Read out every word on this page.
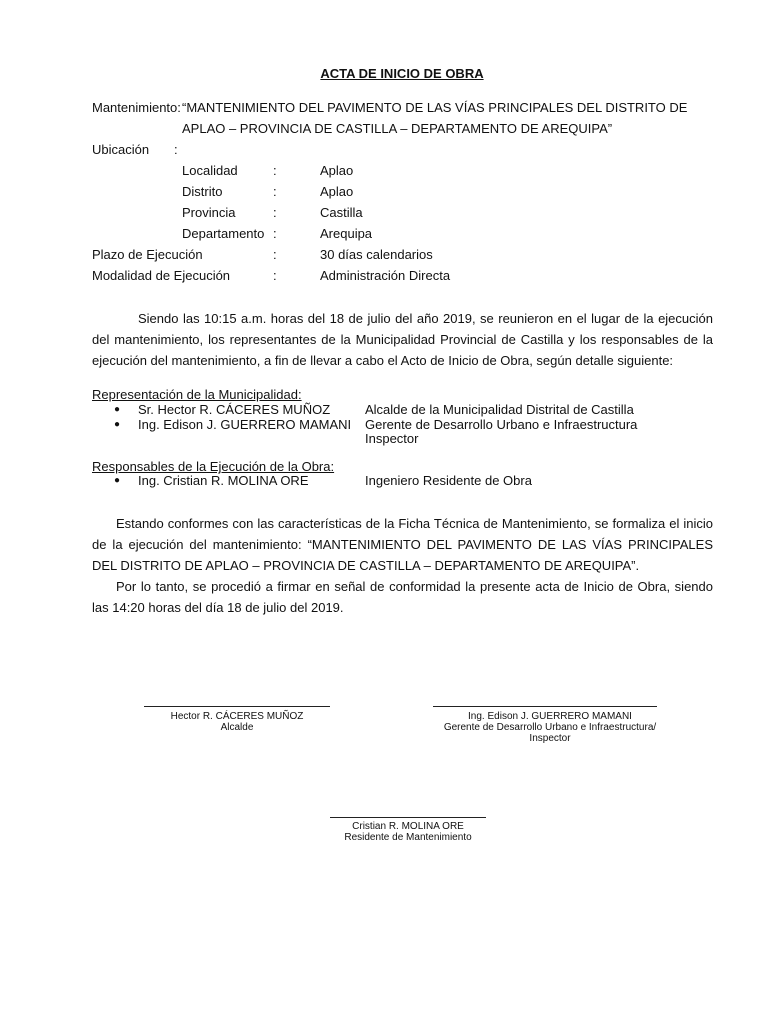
ACTA DE INICIO DE OBRA
Mantenimiento: “MANTENIMIENTO DEL PAVIMENTO DE LAS VÍAS PRINCIPALES DEL DISTRITO DE
APLAO – PROVINCIA DE CASTILLA – DEPARTAMENTO DE AREQUIPA”
Ubicación :
Localidad	:	Aplao
Distrito	:	Aplao
Provincia	:	Castilla
Departamento :	Arequipa
Plazo de Ejecución	:	30 días calendarios
Modalidad de Ejecución	:	Administración Directa
Siendo las 10:15 a.m. horas del 18 de julio del año 2019, se reunieron en el lugar de la ejecución del mantenimiento, los representantes de la Municipalidad Provincial de Castilla y los responsables de la ejecución del mantenimiento, a fin de llevar a cabo el Acto de Inicio de Obra, según detalle siguiente:
Representación de la Municipalidad:
● Sr. Hector R. CÁCERES MUÑOZ	Alcalde de la Municipalidad Distrital de Castilla
● Ing. Edison J. GUERRERO MAMANI Gerente de Desarrollo Urbano e Infraestructura
Inspector
Responsables de la Ejecución de la Obra:
● Ing. Cristian R. MOLINA ORE	Ingeniero Residente de Obra
Estando conformes con las características de la Ficha Técnica de Mantenimiento, se formaliza el inicio de la ejecución del mantenimiento: “MANTENIMIENTO DEL PAVIMENTO DE LAS VÍAS PRINCIPALES DEL DISTRITO DE APLAO – PROVINCIA DE CASTILLA – DEPARTAMENTO DE AREQUIPA”.
Por lo tanto, se procedió a firmar en señal de conformidad la presente acta de Inicio de Obra, siendo las 14:20 horas del día 18 de julio del 2019.
Hector R. CÁCERES MUÑOZ
Alcalde
Ing. Edison J. GUERRERO MAMANI
Gerente de Desarrollo Urbano e Infraestructura/
Inspector
Cristian R. MOLINA ORE
Residente de Mantenimiento
